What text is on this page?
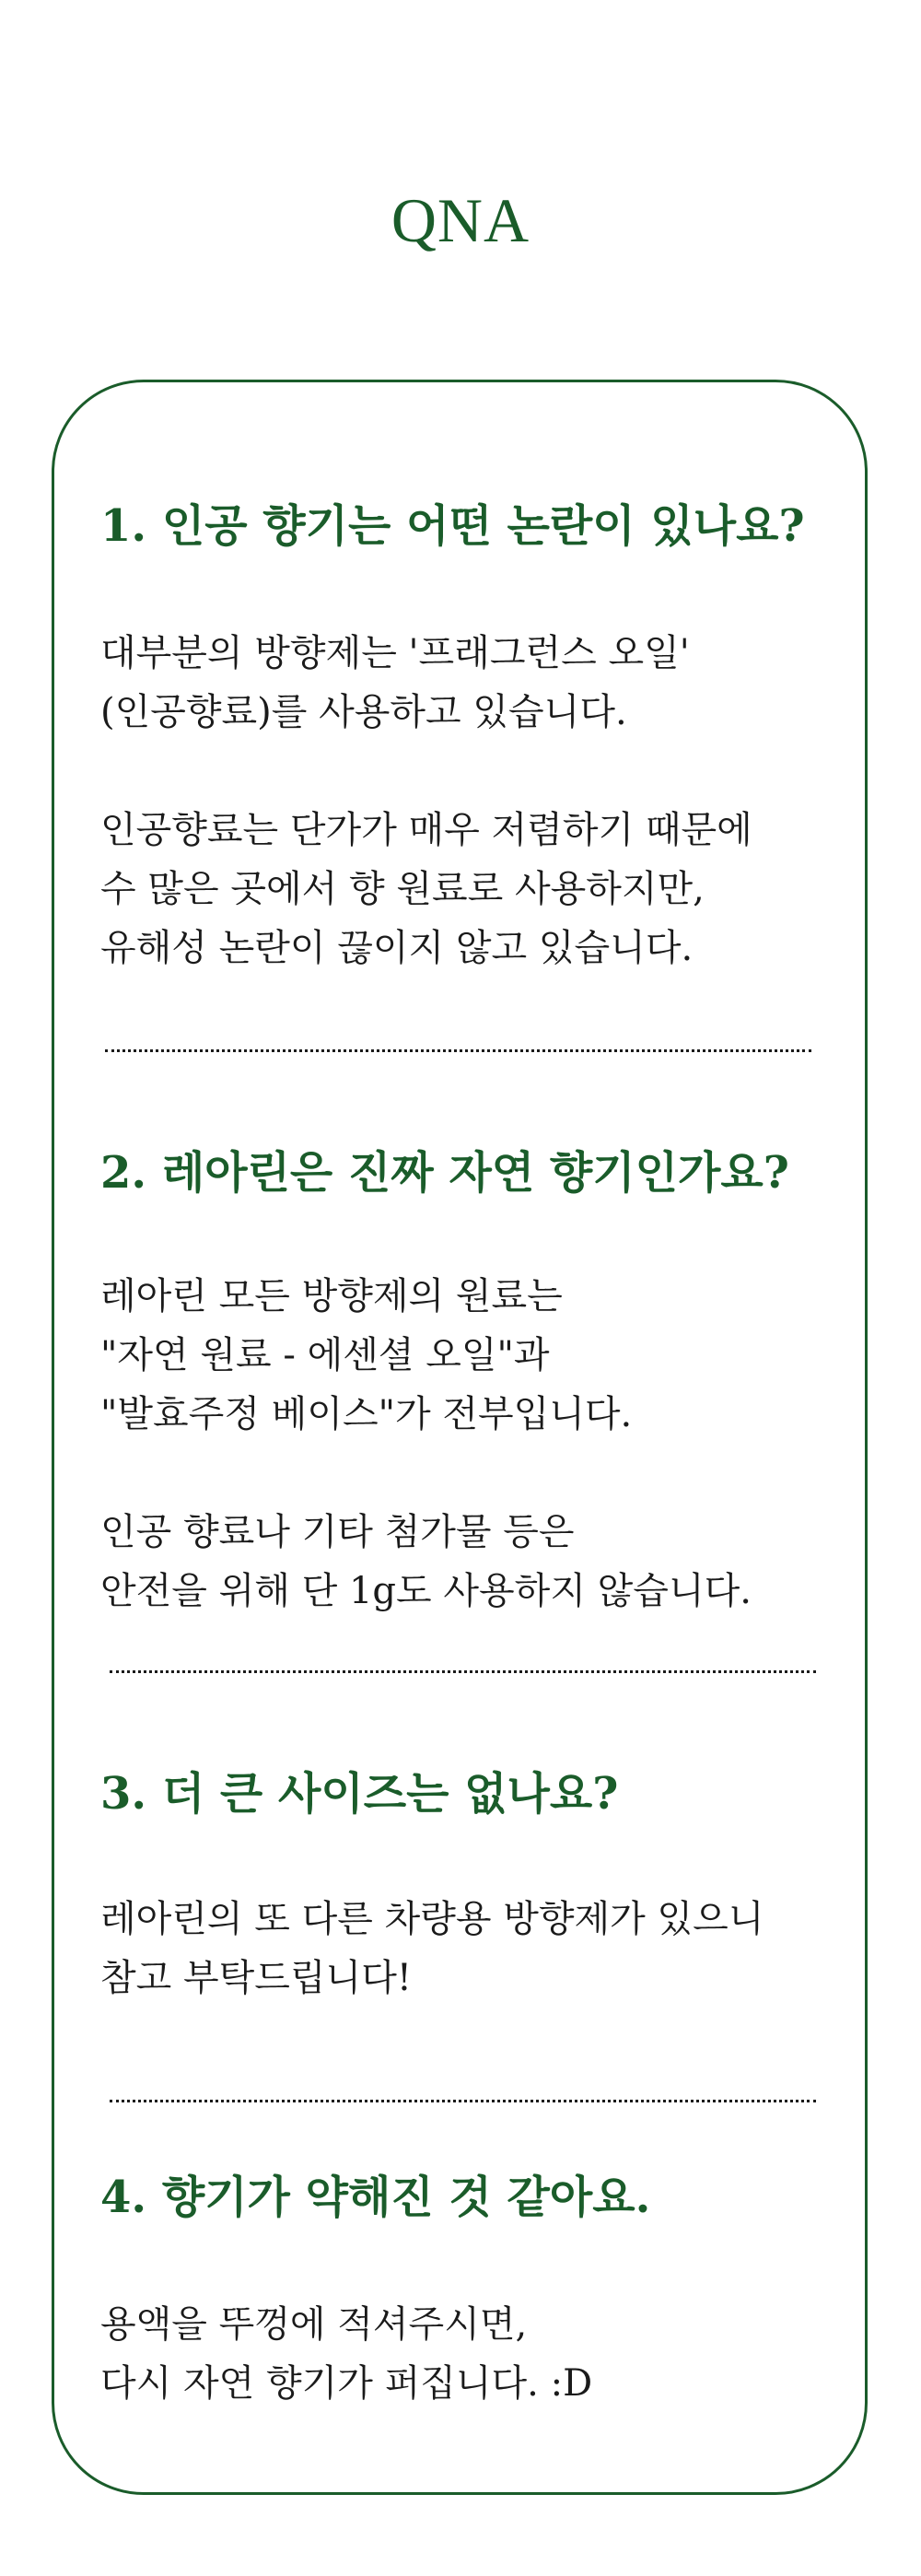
QNA
1. 인공 향기는 어떤 논란이 있나요?

대부분의 방향제는 '프래그런스 오일'
(인공향료)를 사용하고 있습니다.

인공향료는 단가가 매우 저렴하기 때문에
수 많은 곳에서 향 원료로 사용하지만,
유해성 논란이 끊이지 않고 있습니다.

2. 레아린은 진짜 자연 향기인가요?

레아린 모든 방향제의 원료는
"자연 원료 - 에센셜 오일"과
"발효주정 베이스"가 전부입니다.

인공 향료나 기타 첨가물 등은
안전을 위해 단 1g도 사용하지 않습니다.

3. 더 큰 사이즈는 없나요?

레아린의 또 다른 차량용 방향제가 있으니
참고 부탁드립니다!

4. 향기가 약해진 것 같아요.

용액을 뚜껑에 적셔주시면,
다시 자연 향기가 퍼집니다. :D
